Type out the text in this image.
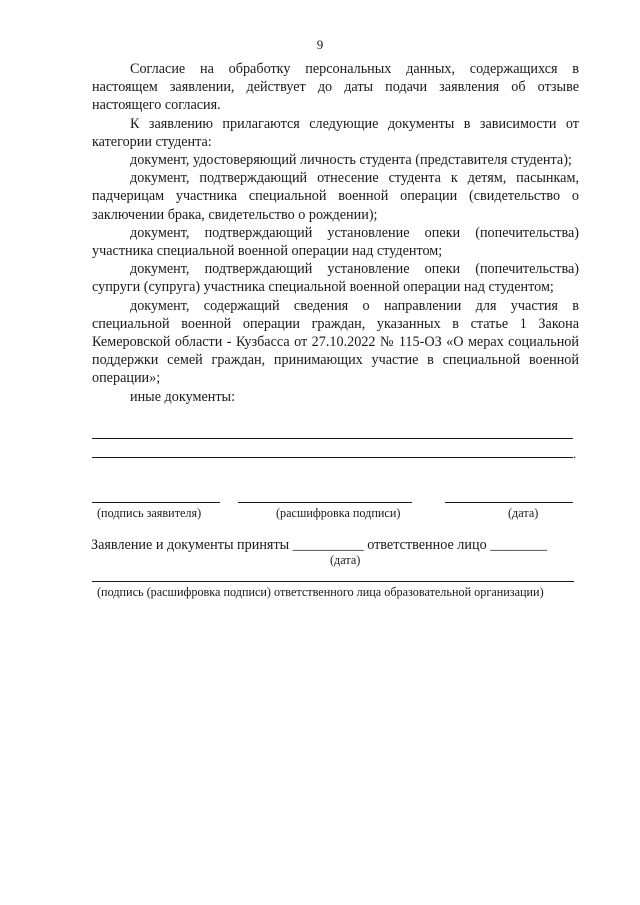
9

Согласие на обработку персональных данных, содержащихся в настоящем заявлении, действует до даты подачи заявления об отзыве настоящего согласия.

К заявлению прилагаются следующие документы в зависимости от категории студента:

документ, удостоверяющий личность студента (представителя студента);

документ, подтверждающий отнесение студента к детям, пасынкам, падчерицам участника специальной военной операции (свидетельство о заключении брака, свидетельство о рождении);

документ, подтверждающий установление опеки (попечительства) участника специальной военной операции над студентом;

документ, подтверждающий установление опеки (попечительства) супруги (супруга) участника специальной военной операции над студентом;

документ, содержащий сведения о направлении для участия в специальной военной операции граждан, указанных в статье 1 Закона Кемеровской области - Кузбасса от 27.10.2022 № 115-ОЗ «О мерах социальной поддержки семей граждан, принимающих участие в специальной военной операции»;

иные документы:

.
(подпись заявителя)	(расшифровка подписи)	(дата)
Заявление и документы приняты __________ ответственное лицо ________
(дата)
(подпись (расшифровка подписи) ответственного лица образовательной организации)
